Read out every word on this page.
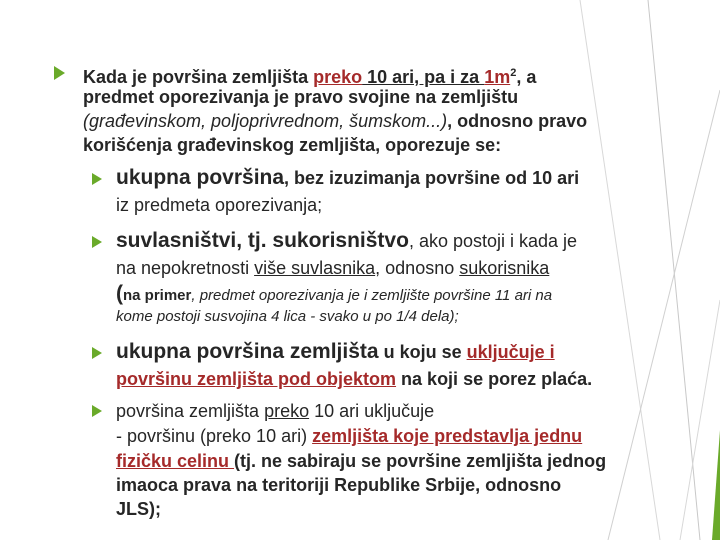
Kada je površina zemljišta preko 10 ari, pa i za $1m^2$, a
predmet oporezivanja je pravo svojine na zemljištu
(građevinskom, poljoprivrednom, šumskom...), odnosno pravo
korišćenja građevinskog zemljišta, oporezuje se:
ukupna površina, bez izuzimanja površine od 10 ari
iz predmeta oporezivanja;
suvlasništvi, tj. sukorisništvo, ako postoji i kada je
na nepokretnosti više suvlasnika, odnosno sukorisnika
(na primer, predmet oporezivanja je i zemljište površine 11 ari na
kome postoji susvojina 4 lica - svako u po 1/4 dela);
ukupna površina zemljišta u koju se uključuje i
površinu zemljišta pod objektom na koji se porez plaća.
površina zemljišta preko 10 ari uključuje
- površinu (preko 10 ari) zemljišta koje predstavlja jednu
fizičku celinu (tj. ne sabiraju se površine zemljišta jednog
imaoca prava na teritoriji Republike Srbije, odnosno
JLS);
